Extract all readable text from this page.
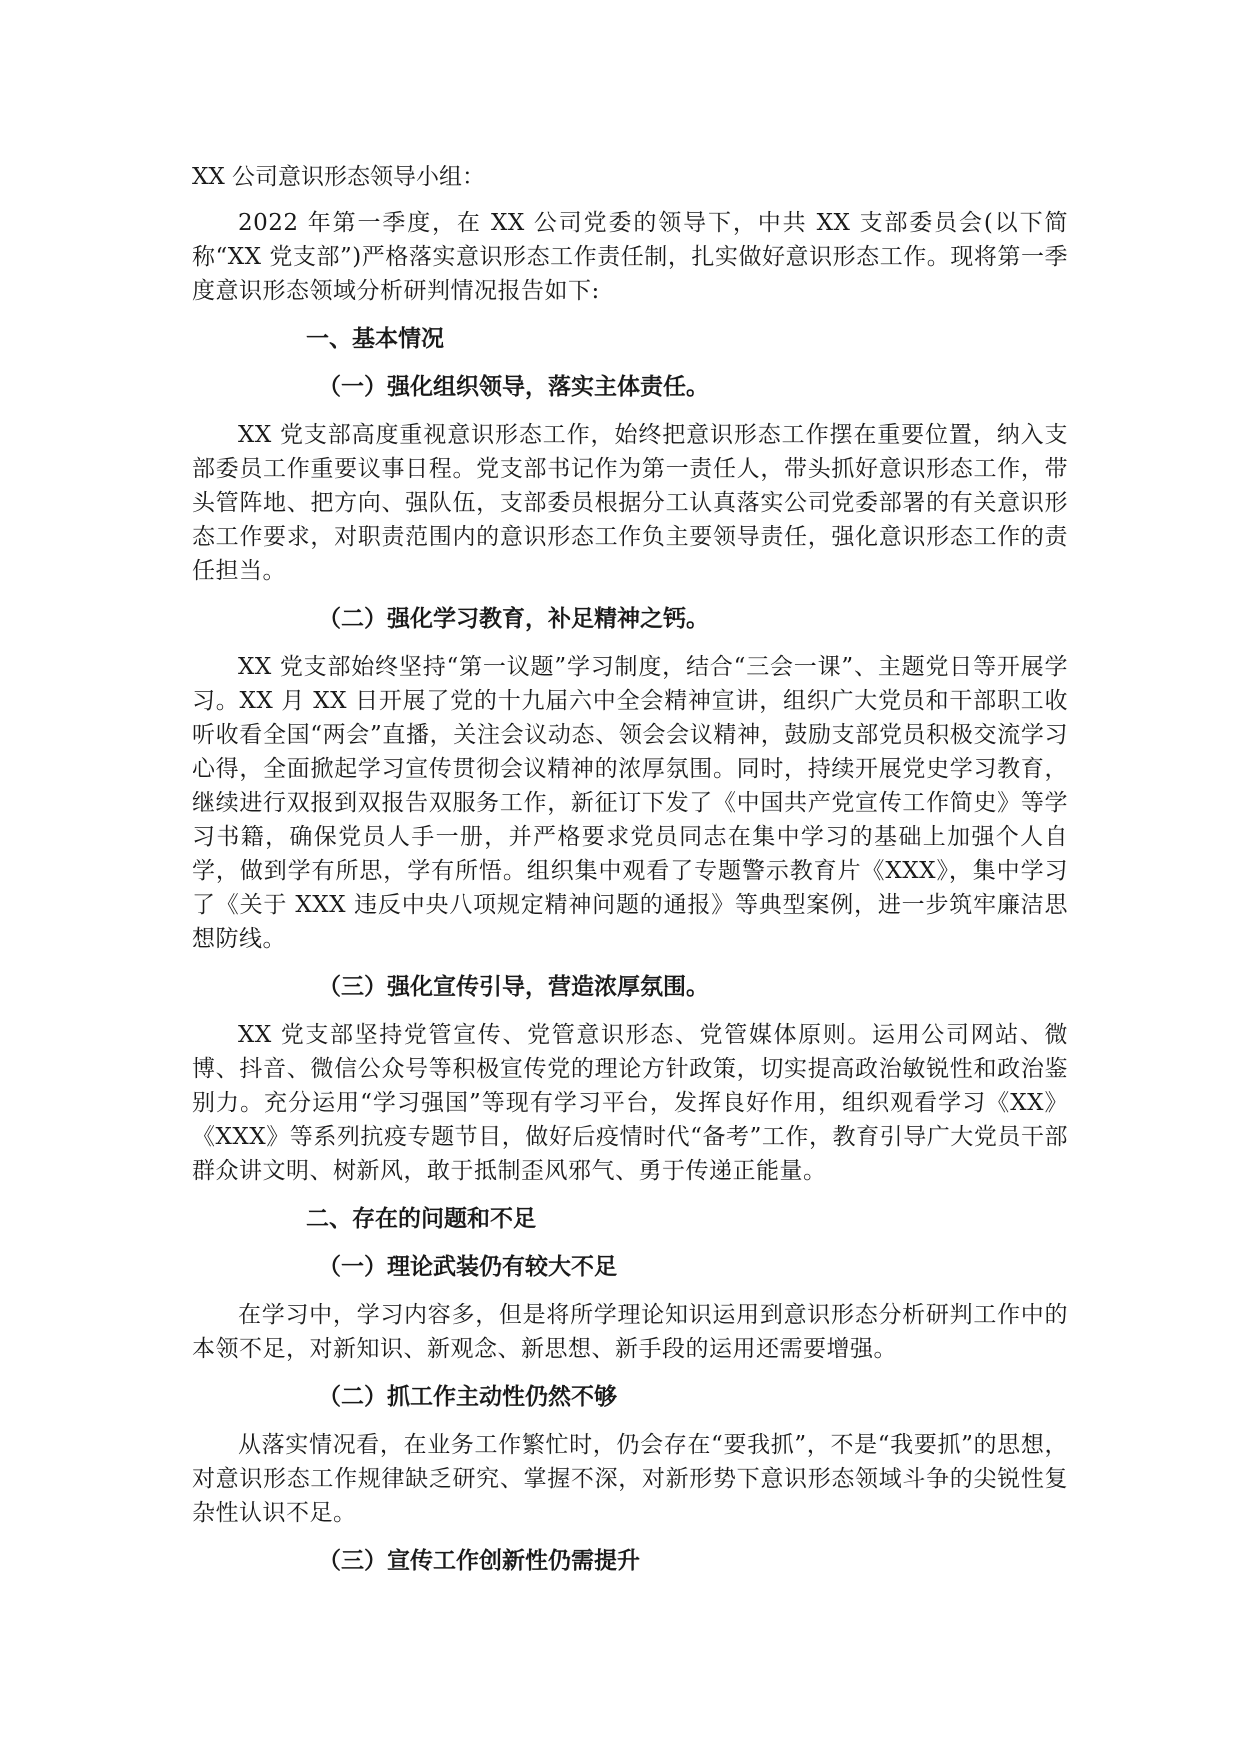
XX 公司意识形态领导小组：

2022 年第一季度，在 XX 公司党委的领导下，中共 XX 支部委员会(以下简称“XX 党支部”)严格落实意识形态工作责任制，扎实做好意识形态工作。现将第一季度意识形态领域分析研判情况报告如下:

一、基本情况

（一）强化组织领导，落实主体责任。

XX 党支部高度重视意识形态工作，始终把意识形态工作摆在重要位置，纳入支部委员工作重要议事日程。党支部书记作为第一责任人，带头抓好意识形态工作，带头管阵地、把方向、强队伍，支部委员根据分工认真落实公司党委部署的有关意识形态工作要求，对职责范围内的意识形态工作负主要领导责任，强化意识形态工作的责任担当。

（二）强化学习教育，补足精神之钙。

XX 党支部始终坚持“第一议题”学习制度，结合“三会一课”、主题党日等开展学习。XX 月 XX 日开展了党的十九届六中全会精神宣讲，组织广大党员和干部职工收听收看全国“两会”直播，关注会议动态、领会会议精神，鼓励支部党员积极交流学习心得，全面掀起学习宣传贯彻会议精神的浓厚氛围。同时，持续开展党史学习教育，继续进行双报到双报告双服务工作，新征订下发了《中国共产党宣传工作简史》等学习书籍，确保党员人手一册，并严格要求党员同志在集中学习的基础上加强个人自学，做到学有所思，学有所悟。组织集中观看了专题警示教育片《XXX》，集中学习了《关于 XXX 违反中央八项规定精神问题的通报》等典型案例，进一步筑牢廉洁思想防线。

（三）强化宣传引导，营造浓厚氛围。

XX 党支部坚持党管宣传、党管意识形态、党管媒体原则。运用公司网站、微博、抖音、微信公众号等积极宣传党的理论方针政策，切实提高政治敏锐性和政治鉴别力。充分运用“学习强国”等现有学习平台，发挥良好作用，组织观看学习《XX》《XXX》等系列抗疫专题节目，做好后疫情时代“备考”工作，教育引导广大党员干部群众讲文明、树新风，敢于抵制歪风邪气、勇于传递正能量。

二、存在的问题和不足

（一）理论武装仍有较大不足

在学习中，学习内容多，但是将所学理论知识运用到意识形态分析研判工作中的本领不足，对新知识、新观念、新思想、新手段的运用还需要增强。

（二）抓工作主动性仍然不够

从落实情况看，在业务工作繁忙时，仍会存在“要我抓”，不是“我要抓”的思想，对意识形态工作规律缺乏研究、掌握不深，对新形势下意识形态领域斗争的尖锐性复杂性认识不足。

（三）宣传工作创新性仍需提升
